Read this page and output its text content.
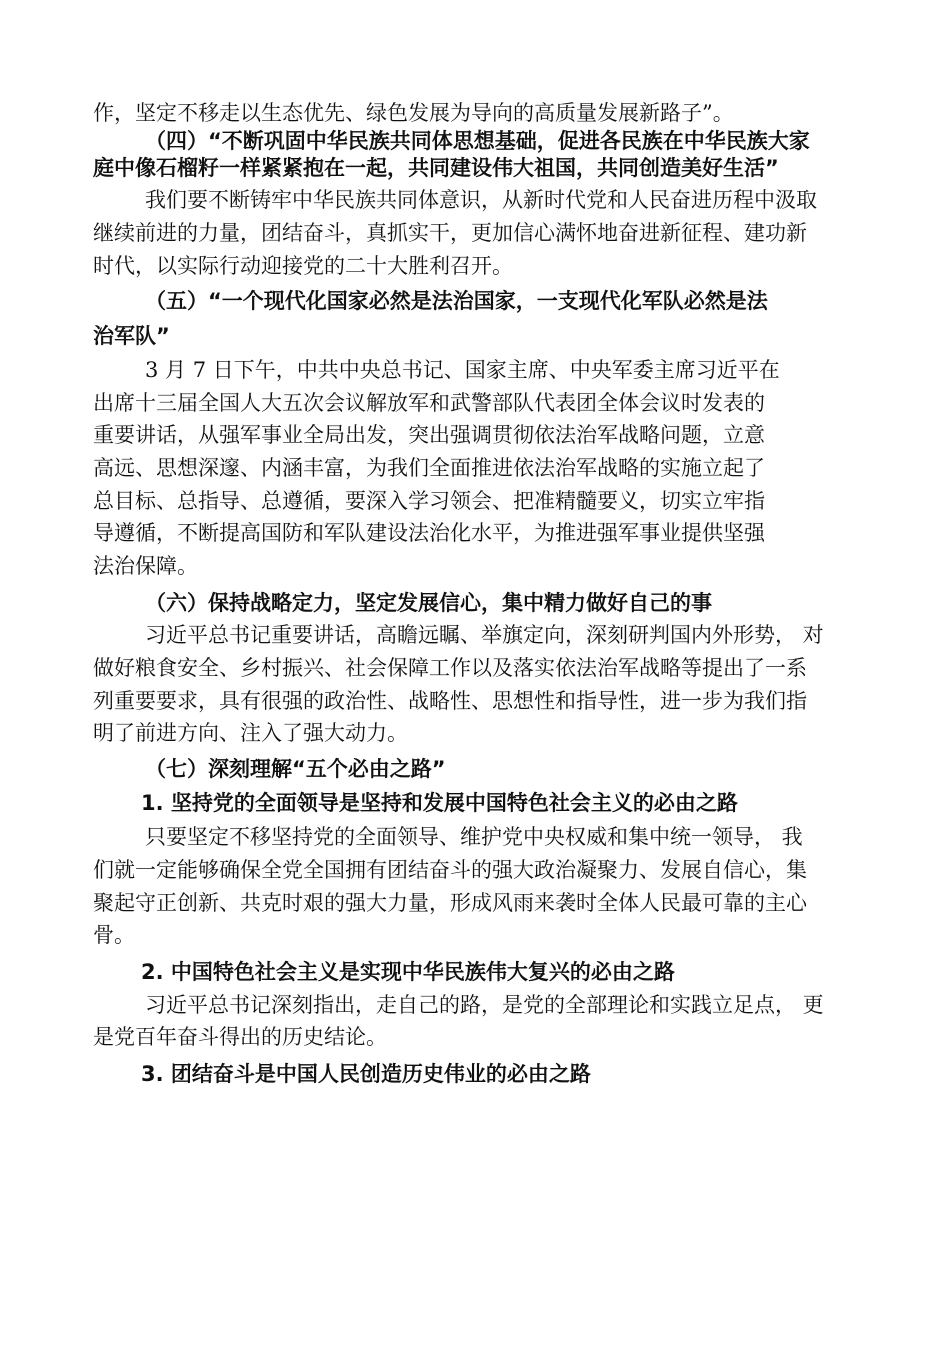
作，坚定不移走以生态优先、绿色发展为导向的高质量发展新路子”。
（四）“不断巩固中华民族共同体思想基础，促进各民族在中华民族大家
庭中像石榴籽一样紧紧抱在一起，共同建设伟大祖国，共同创造美好生活”
我们要不断铸牢中华民族共同体意识，从新时代党和人民奋进历程中汲取
继续前进的力量，团结奋斗，真抓实干，更加信心满怀地奋进新征程、建功新
时代，以实际行动迎接党的二十大胜利召开。
（五）“一个现代化国家必然是法治国家，一支现代化军队必然是法
治军队”
3 月 7 日下午，中共中央总书记、国家主席、中央军委主席习近平在
出席十三届全国人大五次会议解放军和武警部队代表团全体会议时发表的
重要讲话，从强军事业全局出发，突出强调贯彻依法治军战略问题，立意
高远、思想深邃、内涵丰富，为我们全面推进依法治军战略的实施立起了
总目标、总指导、总遵循，要深入学习领会、把准精髓要义，切实立牢指
导遵循，不断提高国防和军队建设法治化水平，为推进强军事业提供坚强
法治保障。
（六）保持战略定力，坚定发展信心，集中精力做好自己的事
习近平总书记重要讲话，高瞻远瞩、举旗定向，深刻研判国内外形势， 对
做好粮食安全、乡村振兴、社会保障工作以及落实依法治军战略等提出了一系
列重要要求，具有很强的政治性、战略性、思想性和指导性，进一步为我们指
明了前进方向、注入了强大动力。
（七）深刻理解“五个必由之路”
1. 坚持党的全面领导是坚持和发展中国特色社会主义的必由之路
只要坚定不移坚持党的全面领导、维护党中央权威和集中统一领导， 我
们就一定能够确保全党全国拥有团结奋斗的强大政治凝聚力、发展自信心，集
聚起守正创新、共克时艰的强大力量，形成风雨来袭时全体人民最可靠的主心
骨。
2. 中国特色社会主义是实现中华民族伟大复兴的必由之路
习近平总书记深刻指出，走自己的路，是党的全部理论和实践立足点， 更
是党百年奋斗得出的历史结论。
3. 团结奋斗是中国人民创造历史伟业的必由之路
